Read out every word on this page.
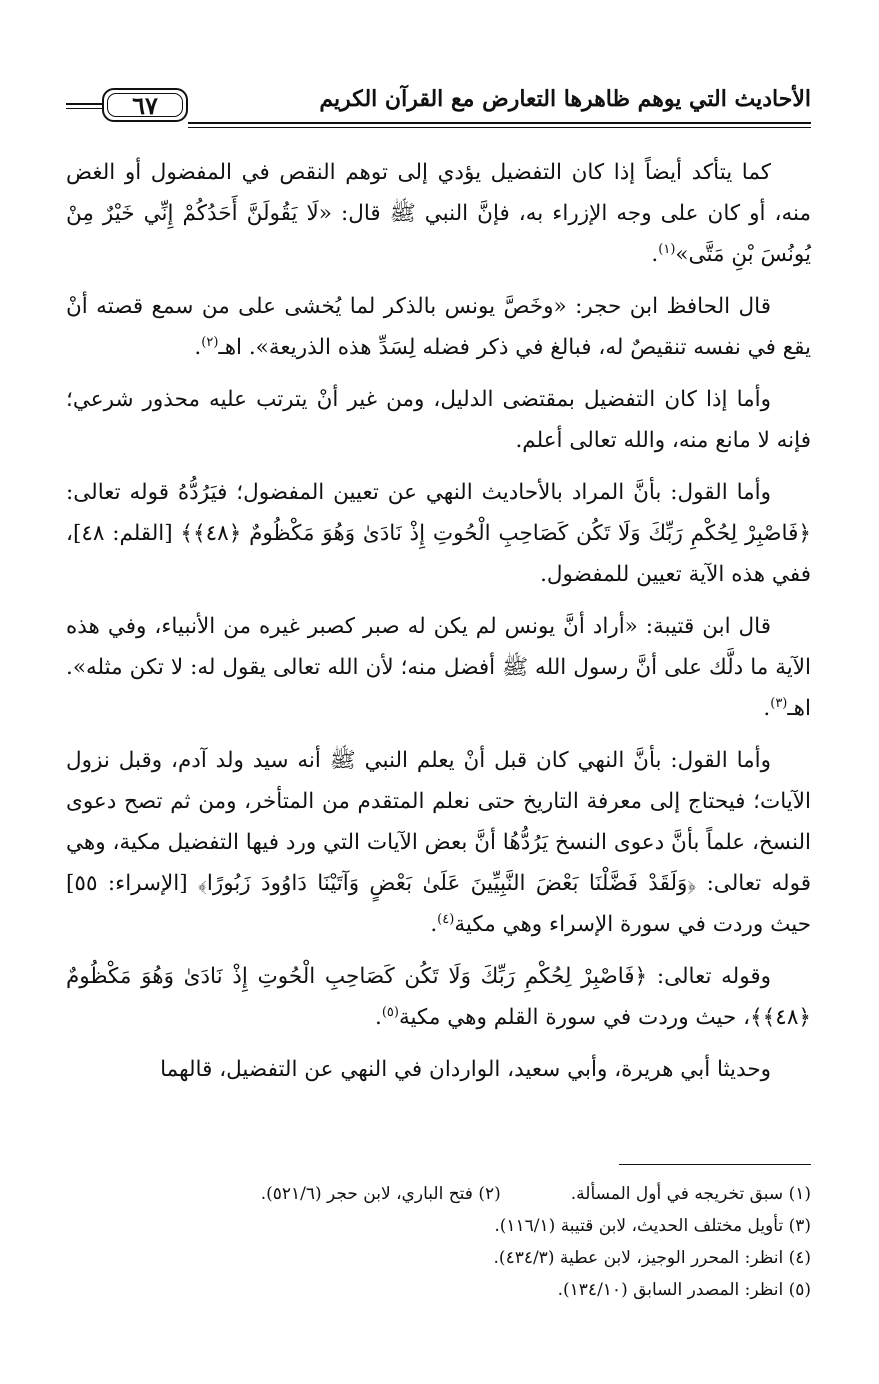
الأحاديث التي يوهم ظاهرها التعارض مع القرآن الكريم
٦٧

كما يتأكد أيضاً إذا كان التفضيل يؤدي إلى توهم النقص في المفضول أو الغض منه، أو كان على وجه الإزراء به، فإنَّ النبي ﷺ قال: «لَا يَقُولَنَّ أَحَدُكُمْ إِنِّي خَيْرٌ مِنْ يُونُسَ بْنِ مَتَّى»$^{(١)}$.

قال الحافظ ابن حجر: «وخَصَّ يونس بالذكر لما يُخشى على من سمع قصته أنْ يقع في نفسه تنقيصٌ له، فبالغ في ذكر فضله لِسَدِّ هذه الذريعة». اهـ$^{(٢)}$.

وأما إذا كان التفضيل بمقتضى الدليل، ومن غير أنْ يترتب عليه محذور شرعي؛ فإنه لا مانع منه، والله تعالى أعلم.

وأما القول: بأنَّ المراد بالأحاديث النهي عن تعيين المفضول؛ فيَرُدُّهُ قوله تعالى: ﴿فَاصْبِرْ لِحُكْمِ رَبِّكَ وَلَا تَكُن كَصَاحِبِ الْحُوتِ إِذْ نَادَىٰ وَهُوَ مَكْظُومٌ ﴿٤٨﴾﴾ [القلم: ٤٨]، ففي هذه الآية تعيين للمفضول.

قال ابن قتيبة: «أراد أنَّ يونس لم يكن له صبر كصبر غيره من الأنبياء، وفي هذه الآية ما دلَّك على أنَّ رسول الله ﷺ أفضل منه؛ لأن الله تعالى يقول له: لا تكن مثله». اهـ$^{(٣)}$.

وأما القول: بأنَّ النهي كان قبل أنْ يعلم النبي ﷺ أنه سيد ولد آدم، وقبل نزول الآيات؛ فيحتاج إلى معرفة التاريخ حتى نعلم المتقدم من المتأخر، ومن ثم تصح دعوى النسخ، علماً بأنَّ دعوى النسخ يَرُدُّهُا أنَّ بعض الآيات التي ورد فيها التفضيل مكية، وهي قوله تعالى: ﴿وَلَقَدْ فَضَّلْنَا بَعْضَ النَّبِيِّينَ عَلَىٰ بَعْضٍ وَآتَيْنَا دَاوُودَ زَبُورًا﴾ [الإسراء: ٥٥] حيث وردت في سورة الإسراء وهي مكية$^{(٤)}$.

وقوله تعالى: ﴿فَاصْبِرْ لِحُكْمِ رَبِّكَ وَلَا تَكُن كَصَاحِبِ الْحُوتِ إِذْ نَادَىٰ وَهُوَ مَكْظُومٌ ﴿٤٨﴾﴾، حيث وردت في سورة القلم وهي مكية$^{(٥)}$.

وحديثا أبي هريرة، وأبي سعيد، الواردان في النهي عن التفضيل، قالهما

(١) سبق تخريجه في أول المسألة.
(٢) فتح الباري، لابن حجر (٥٢١/٦).
(٣) تأويل مختلف الحديث، لابن قتيبة (١١٦/١).
(٤) انظر: المحرر الوجيز، لابن عطية (٤٣٤/٣).
(٥) انظر: المصدر السابق (١٣٤/١٠).
